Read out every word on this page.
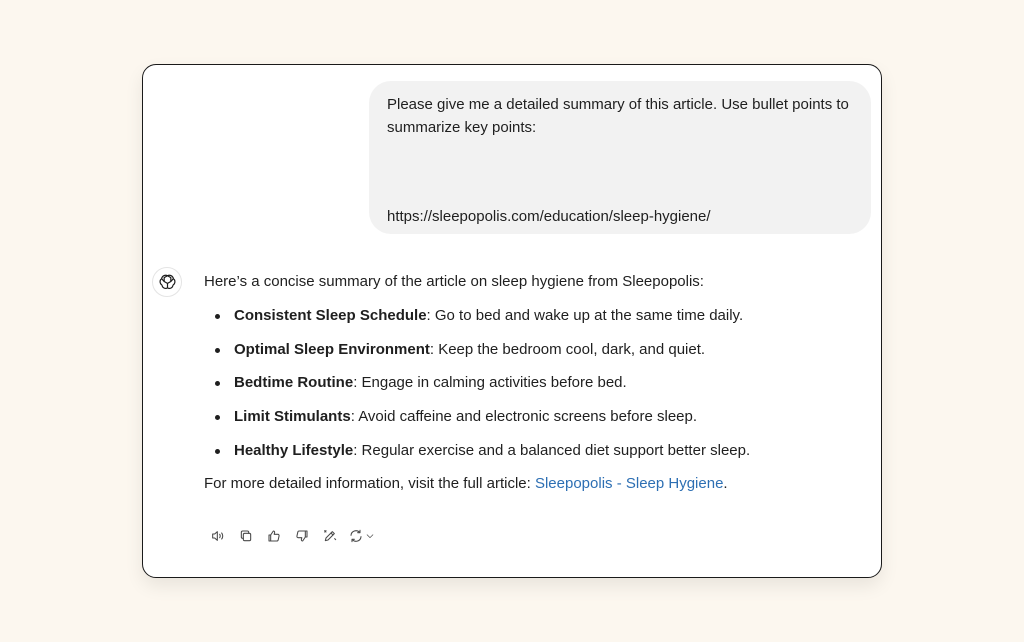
Please give me a detailed summary of this article. Use bullet points to summarize key points:
https://sleepopolis.com/education/sleep-hygiene/
Here’s a concise summary of the article on sleep hygiene from Sleepopolis:
Consistent Sleep Schedule: Go to bed and wake up at the same time daily.
Optimal Sleep Environment: Keep the bedroom cool, dark, and quiet.
Bedtime Routine: Engage in calming activities before bed.
Limit Stimulants: Avoid caffeine and electronic screens before sleep.
Healthy Lifestyle: Regular exercise and a balanced diet support better sleep.
For more detailed information, visit the full article: Sleepopolis - Sleep Hygiene.
